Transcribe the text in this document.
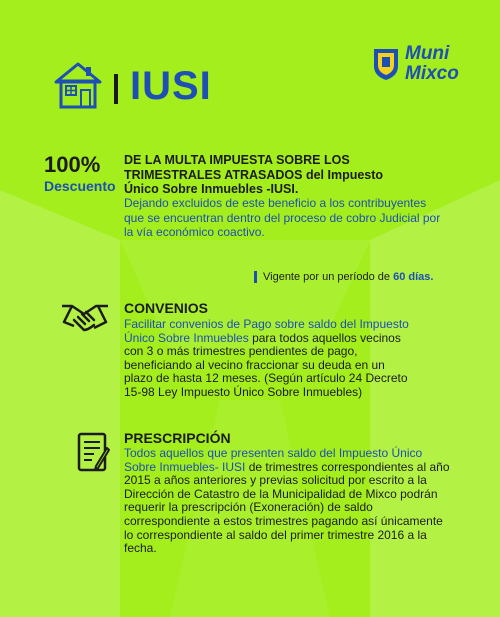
IUSI
Muni
Mixco
100%
Descuento
DE LA MULTA IMPUESTA SOBRE LOS TRIMESTRALES ATRASADOS del Impuesto Único Sobre Inmuebles -IUSI.
Dejando excluidos de este beneficio a los contribuyentes que se encuentran dentro del proceso de cobro Judicial por la vía económico coactivo.
Vigente por un período de 60 días.
CONVENIOS
Facilitar convenios de Pago sobre saldo del Impuesto Único Sobre Inmuebles para todos aquellos vecinos con 3 o más trimestres pendientes de pago, beneficiando al vecino fraccionar su deuda en un plazo de hasta 12 meses. (Según artículo 24 Decreto 15-98 Ley Impuesto Único Sobre Inmuebles)
PRESCRIPCIÓN
Todos aquellos que presenten saldo del Impuesto Único Sobre Inmuebles- IUSI de trimestres correspondientes al año 2015 a años anteriores y previas solicitud por escrito a la Dirección de Catastro de la Municipalidad de Mixco podrán requerir la prescripción (Exoneración) de saldo correspondiente a estos trimestres pagando así únicamente lo correspondiente al saldo del primer trimestre 2016 a la fecha.
